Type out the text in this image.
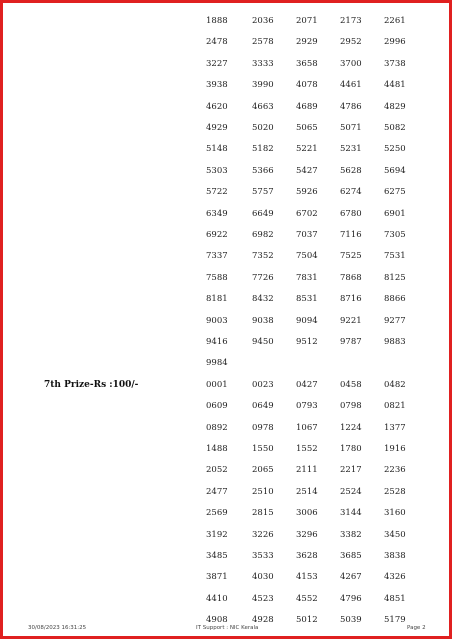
1888	2036	2071	2173	2261
2478	2578	2929	2952	2996
3227	3333	3658	3700	3738
3938	3990	4078	4461	4481
4620	4663	4689	4786	4829
4929	5020	5065	5071	5082
5148	5182	5221	5231	5250
5303	5366	5427	5628	5694
5722	5757	5926	6274	6275
6349	6649	6702	6780	6901
6922	6982	7037	7116	7305
7337	7352	7504	7525	7531
7588	7726	7831	7868	8125
8181	8432	8531	8716	8866
9003	9038	9094	9221	9277
9416	9450	9512	9787	9883
9984
7th Prize-Rs :100/-	0001	0023	0427	0458	0482
0609	0649	0793	0798	0821
0892	0978	1067	1224	1377
1488	1550	1552	1780	1916
2052	2065	2111	2217	2236
2477	2510	2514	2524	2528
2569	2815	3006	3144	3160
3192	3226	3296	3382	3450
3485	3533	3628	3685	3838
3871	4030	4153	4267	4326
4410	4523	4552	4796	4851
4908	4928	5012	5039	5179
30/08/2023 16:31:25	IT Support : NIC Kerala	Page 2
